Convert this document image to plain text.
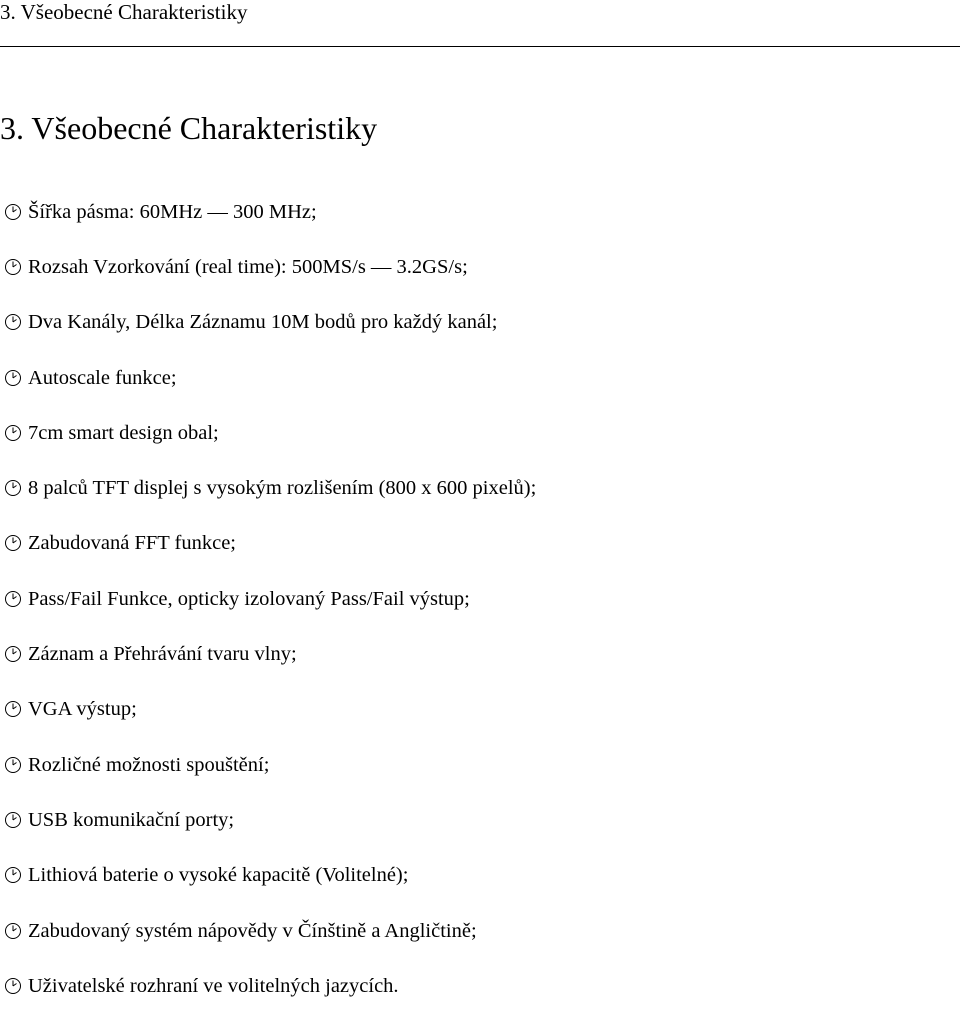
3. Všeobecné Charakteristiky
3. Všeobecné Charakteristiky
Šířka pásma: 60MHz — 300 MHz;
Rozsah Vzorkování (real time): 500MS/s — 3.2GS/s;
Dva Kanály, Délka Záznamu 10M bodů pro každý kanál;
Autoscale funkce;
7cm smart design obal;
8 palců TFT displej s vysokým rozlišením (800 x 600 pixelů);
Zabudovaná FFT funkce;
Pass/Fail Funkce, opticky izolovaný Pass/Fail výstup;
Záznam a Přehrávání tvaru vlny;
VGA výstup;
Rozličné možnosti spouštění;
USB komunikační porty;
Lithiová baterie o vysoké kapacitě (Volitelné);
Zabudovaný systém nápovědy v Čínštině a Angličtině;
Uživatelské rozhraní ve volitelných jazycích.
